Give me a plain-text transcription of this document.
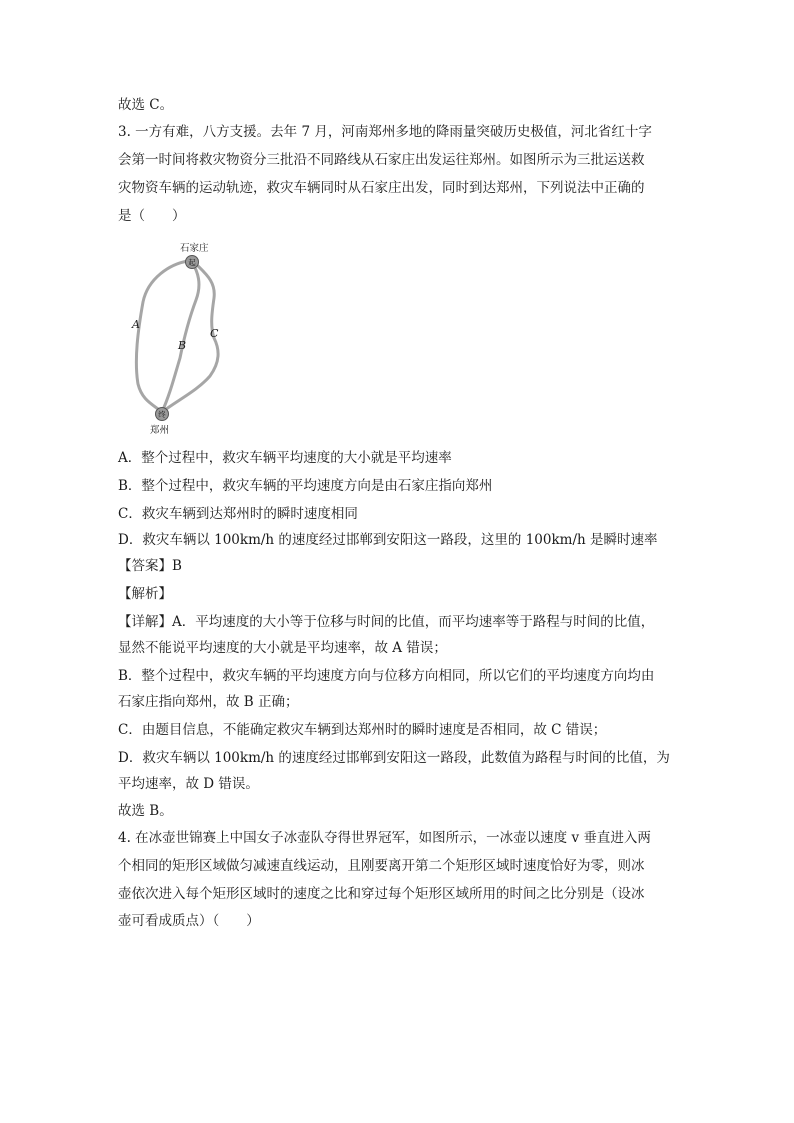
故选 C。
3. 一方有难，八方支援。去年 7 月，河南郑州多地的降雨量突破历史极值，河北省红十字
会第一时间将救灾物资分三批沿不同路线从石家庄出发运往郑州。如图所示为三批运送救
灾物资车辆的运动轨迹，救灾车辆同时从石家庄出发，同时到达郑州，下列说法中正确的
是（　　）
石家庄
起
终
A
B
C
郑州
A．整个过程中，救灾车辆平均速度的大小就是平均速率
B．整个过程中，救灾车辆的平均速度方向是由石家庄指向郑州
C．救灾车辆到达郑州时的瞬时速度相同
D．救灾车辆以 100km/h 的速度经过邯郸到安阳这一路段，这里的 100km/h 是瞬时速率
【答案】B
【解析】
【详解】A．平均速度的大小等于位移与时间的比值，而平均速率等于路程与时间的比值，
显然不能说平均速度的大小就是平均速率，故 A 错误；
B．整个过程中，救灾车辆的平均速度方向与位移方向相同，所以它们的平均速度方向均由
石家庄指向郑州，故 B 正确；
C．由题目信息，不能确定救灾车辆到达郑州时的瞬时速度是否相同，故 C 错误；
D．救灾车辆以 100km/h 的速度经过邯郸到安阳这一路段，此数值为路程与时间的比值，为
平均速率，故 D 错误。
故选 B。
4. 在冰壶世锦赛上中国女子冰壶队夺得世界冠军，如图所示，一冰壶以速度 v 垂直进入两
个相同的矩形区域做匀减速直线运动，且刚要离开第二个矩形区域时速度恰好为零，则冰
壶依次进入每个矩形区域时的速度之比和穿过每个矩形区域所用的时间之比分别是（设冰
壶可看成质点）（　　）
